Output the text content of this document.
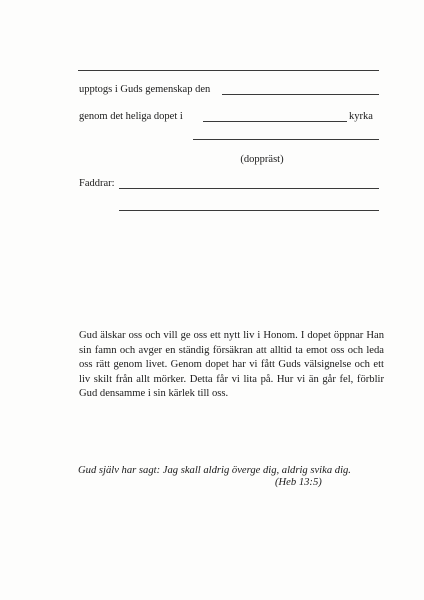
upptogs i Guds gemenskap den
genom det heliga dopet i	kyrka
(doppräst)
Faddrar:
Gud älskar oss och vill ge oss ett nytt liv i Honom. I dopet öppnar Han sin famn och avger en ständig försäkran att alltid ta emot oss och leda oss rätt genom livet. Genom dopet har vi fått Guds välsignelse och ett liv skilt från allt mörker. Detta får vi lita på. Hur vi än går fel, förblir Gud densamme i sin kärlek till oss.
Gud själv har sagt: Jag skall aldrig överge dig, aldrig svika dig.
(Heb 13:5)
